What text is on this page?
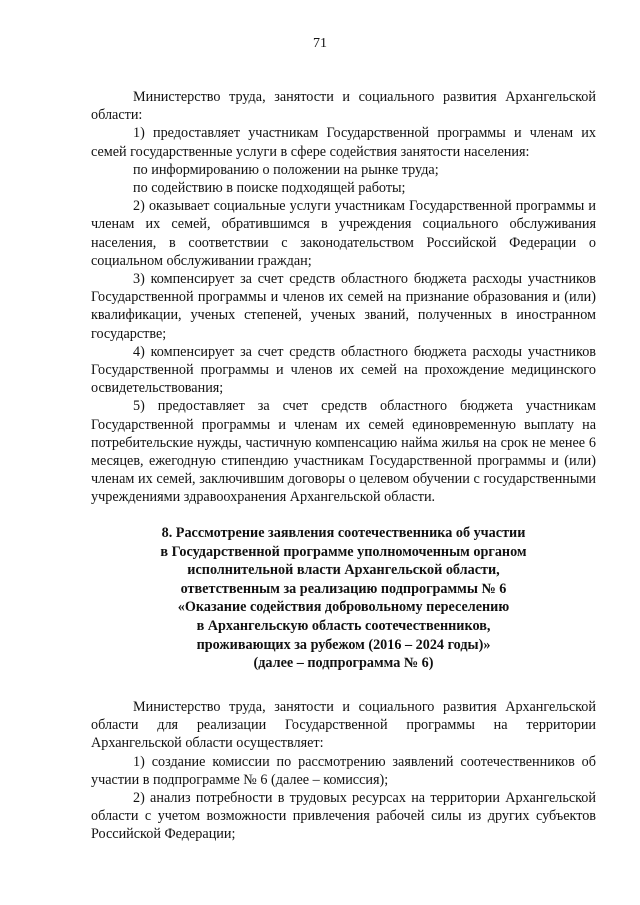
71

Министерство труда, занятости и социального развития Архангельской области:

1) предоставляет участникам Государственной программы и членам их семей государственные услуги в сфере содействия занятости населения:

по информированию о положении на рынке труда;

по содействию в поиске подходящей работы;

2) оказывает социальные услуги участникам Государственной программы и членам их семей, обратившимся в учреждения социального обслуживания населения, в соответствии с законодательством Российской Федерации о социальном обслуживании граждан;

3) компенсирует за счет средств областного бюджета расходы участников Государственной программы и членов их семей на признание образования и (или) квалификации, ученых степеней, ученых званий, полученных в иностранном государстве;

4) компенсирует за счет средств областного бюджета расходы участников Государственной программы и членов их семей на прохождение медицинского освидетельствования;

5) предоставляет за счет средств областного бюджета участникам Государственной программы и членам их семей единовременную выплату на потребительские нужды, частичную компенсацию найма жилья на срок не менее 6 месяцев, ежегодную стипендию участникам Государственной программы и (или) членам их семей, заключившим договоры о целевом обучении с государственными учреждениями здравоохранения Архангельской области.

8. Рассмотрение заявления соотечественника об участии
в Государственной программе уполномоченным органом
исполнительной власти Архангельской области,
ответственным за реализацию подпрограммы № 6
«Оказание содействия добровольному переселению
в Архангельскую область соотечественников,
проживающих за рубежом (2016 – 2024 годы)»
(далее – подпрограмма № 6)

Министерство труда, занятости и социального развития Архангельской области для реализации Государственной программы на территории Архангельской области осуществляет:

1) создание комиссии по рассмотрению заявлений соотечественников об участии в подпрограмме № 6 (далее – комиссия);

2) анализ потребности в трудовых ресурсах на территории Архангельской области с учетом возможности привлечения рабочей силы из других субъектов Российской Федерации;
